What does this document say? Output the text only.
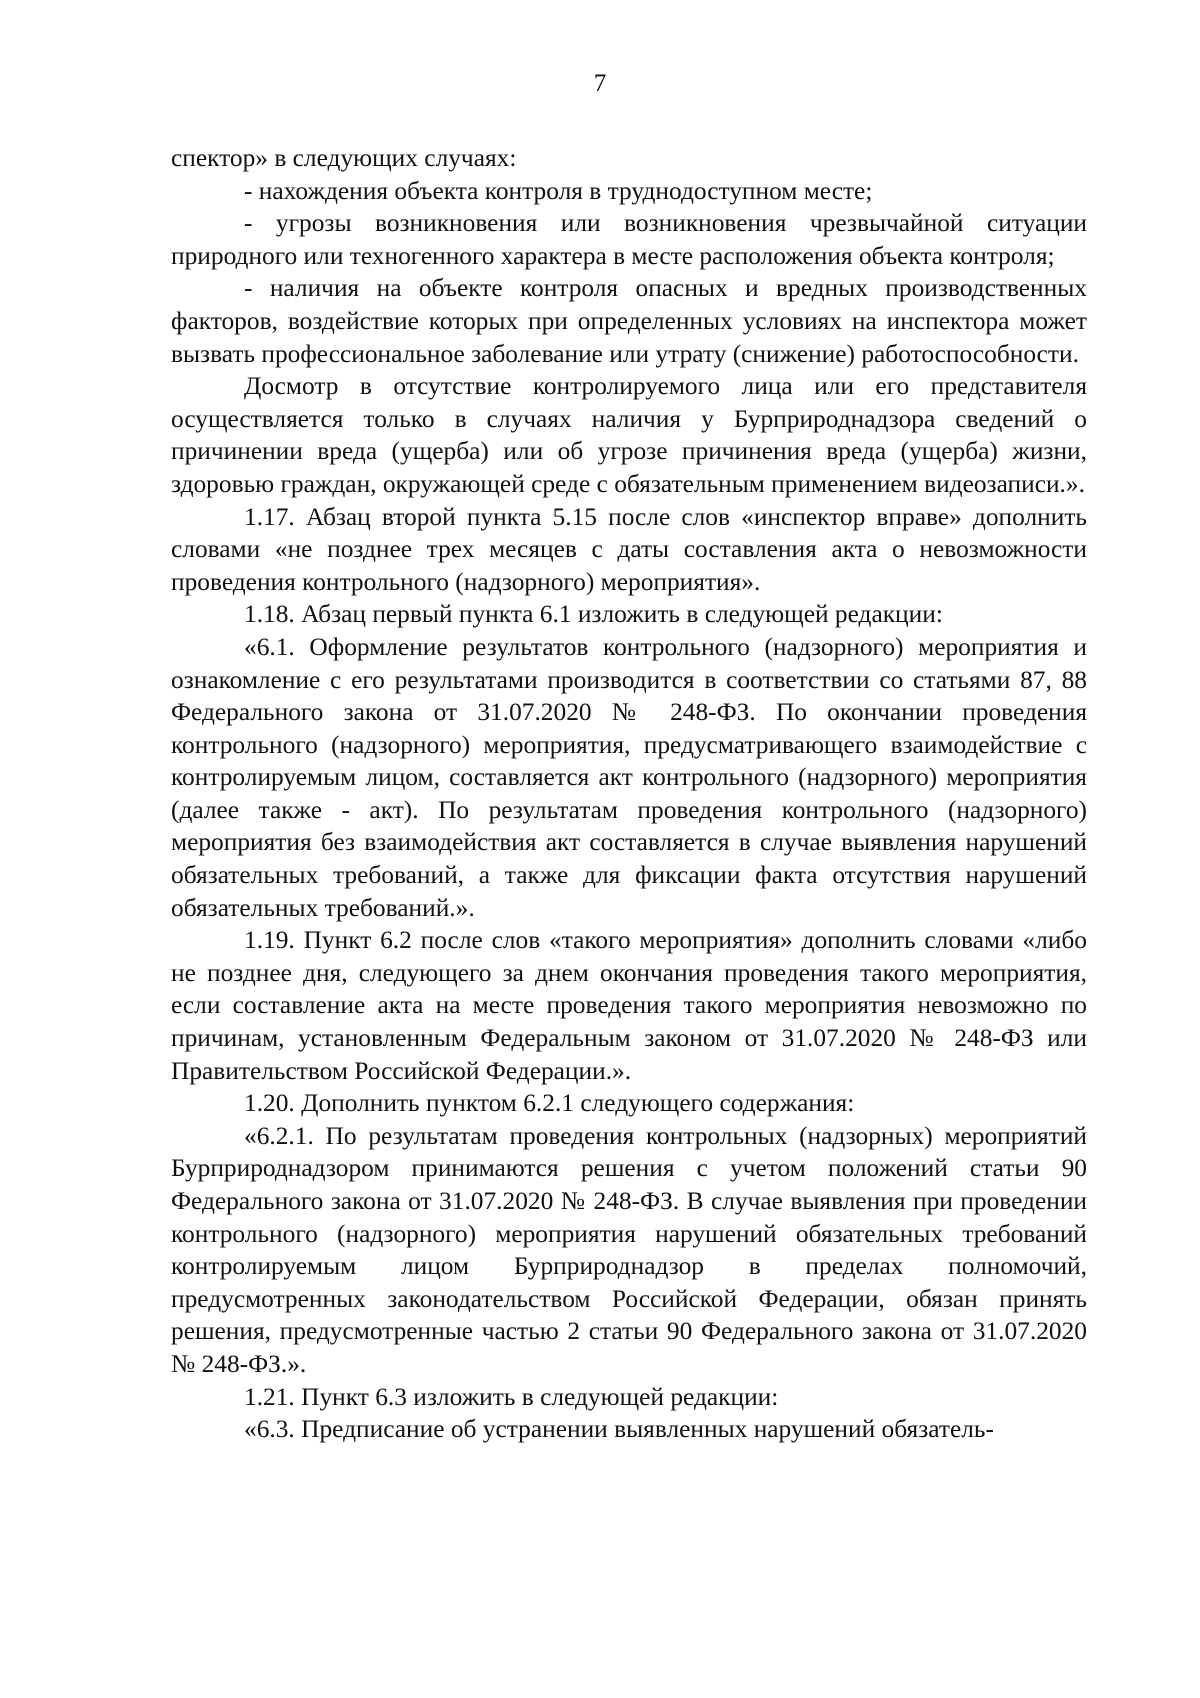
7

спектор» в следующих случаях:

- нахождения объекта контроля в труднодоступном месте;

- угрозы возникновения или возникновения чрезвычайной ситуации природного или техногенного характера в месте расположения объекта контроля;

- наличия на объекте контроля опасных и вредных производственных факторов, воздействие которых при определенных условиях на инспектора может вызвать профессиональное заболевание или утрату (снижение) работоспособности.

Досмотр в отсутствие контролируемого лица или его представителя осуществляется только в случаях наличия у Бурприроднадзора сведений о причинении вреда (ущерба) или об угрозе причинения вреда (ущерба) жизни, здоровью граждан, окружающей среде с обязательным применением видеозаписи.».

1.17. Абзац второй пункта 5.15 после слов «инспектор вправе» дополнить словами «не позднее трех месяцев с даты составления акта о невозможности проведения контрольного (надзорного) мероприятия».

1.18. Абзац первый пункта 6.1 изложить в следующей редакции:

«6.1. Оформление результатов контрольного (надзорного) мероприятия и ознакомление с его результатами производится в соответствии со статьями 87, 88 Федерального закона от 31.07.2020 № 248-ФЗ. По окончании проведения контрольного (надзорного) мероприятия, предусматривающего взаимодействие с контролируемым лицом, составляется акт контрольного (надзорного) мероприятия (далее также - акт). По результатам проведения контрольного (надзорного) мероприятия без взаимодействия акт составляется в случае выявления нарушений обязательных требований, а также для фиксации факта отсутствия нарушений обязательных требований.».

1.19. Пункт 6.2 после слов «такого мероприятия» дополнить словами «либо не позднее дня, следующего за днем окончания проведения такого мероприятия, если составление акта на месте проведения такого мероприятия невозможно по причинам, установленным Федеральным законом от 31.07.2020 № 248-ФЗ или Правительством Российской Федерации.».

1.20. Дополнить пунктом 6.2.1 следующего содержания:

«6.2.1. По результатам проведения контрольных (надзорных) мероприятий Бурприроднадзором принимаются решения с учетом положений статьи 90 Федерального закона от 31.07.2020 № 248-ФЗ. В случае выявления при проведении контрольного (надзорного) мероприятия нарушений обязательных требований контролируемым лицом Бурприроднадзор в пределах полномочий, предусмотренных законодательством Российской Федерации, обязан принять решения, предусмотренные частью 2 статьи 90 Федерального закона от 31.07.2020 № 248-ФЗ.».

1.21. Пункт 6.3 изложить в следующей редакции:

«6.3. Предписание об устранении выявленных нарушений обязатель-
